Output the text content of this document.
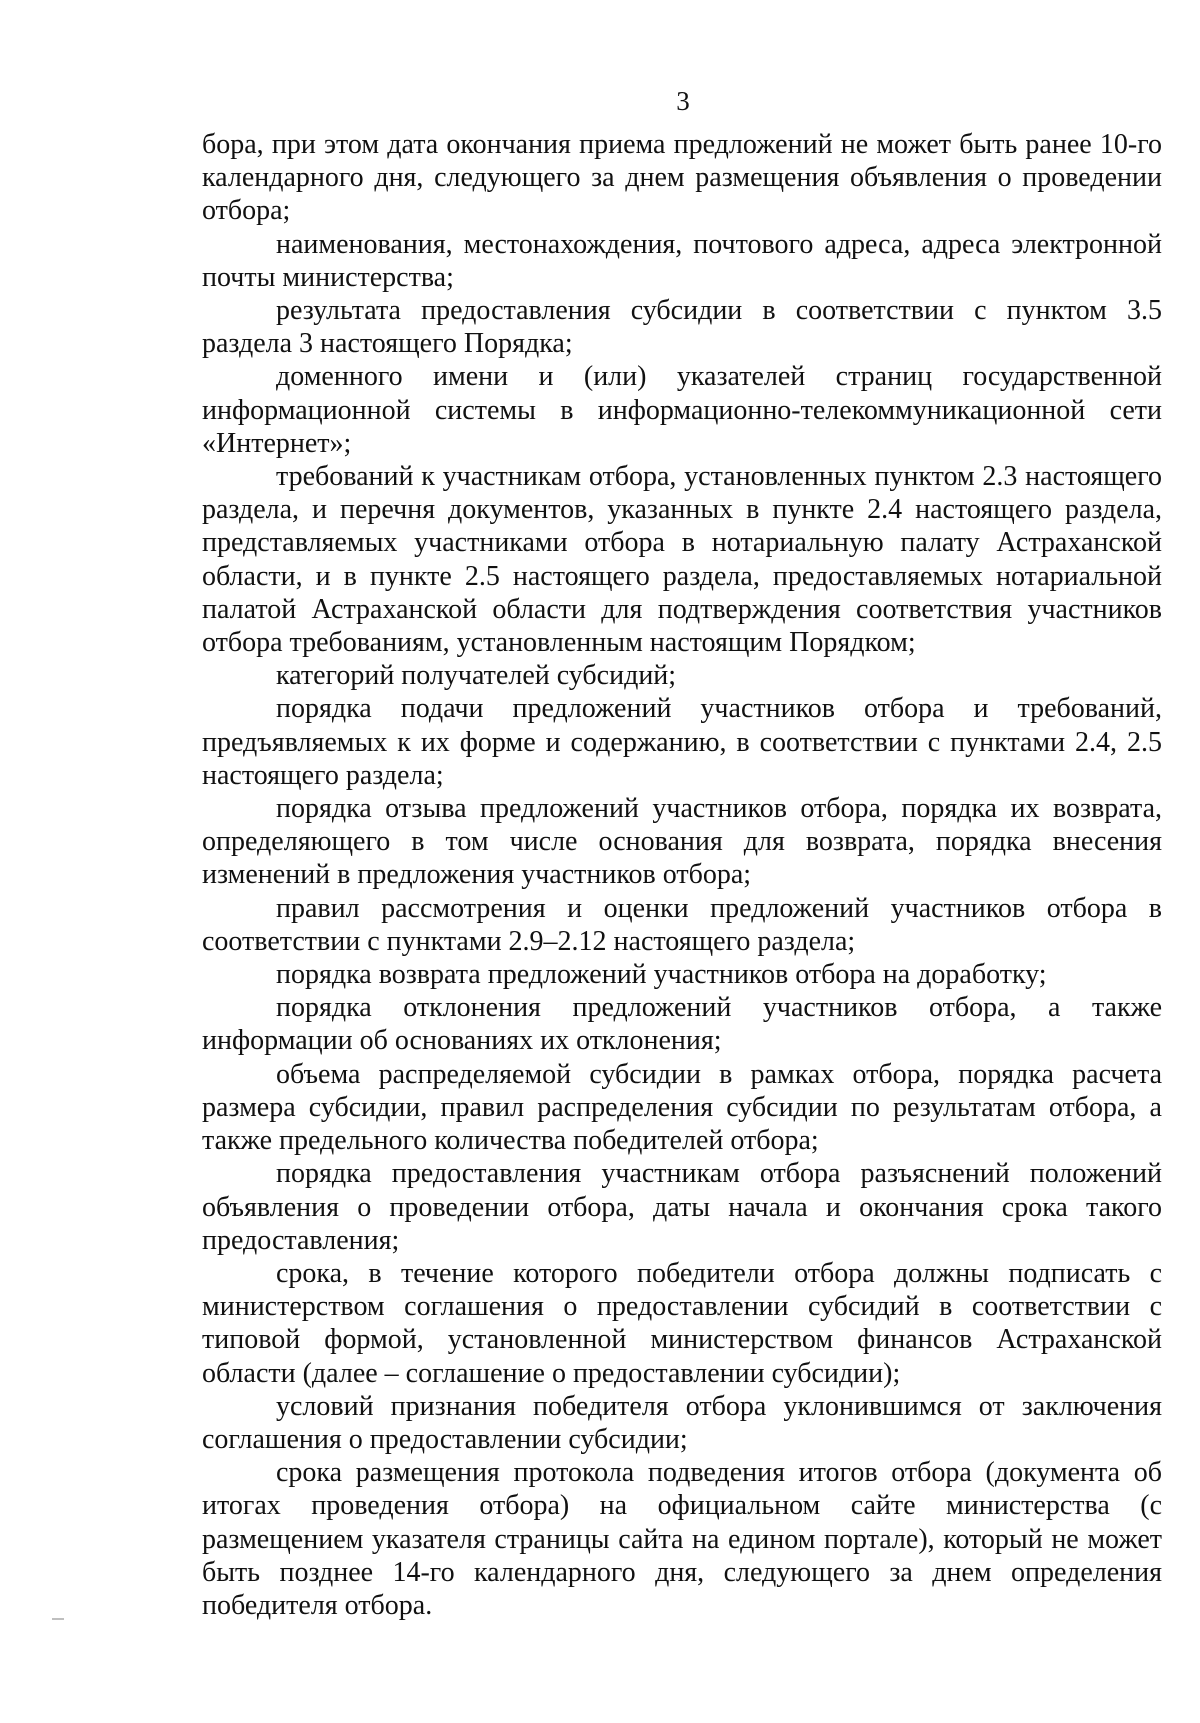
3

бора, при этом дата окончания приема предложений не может быть ранее 10-го календарного дня, следующего за днем размещения объявления о проведении отбора;

наименования, местонахождения, почтового адреса, адреса электронной почты министерства;

результата предоставления субсидии в соответствии с пунктом 3.5 раздела 3 настоящего Порядка;

доменного имени и (или) указателей страниц государственной информационной системы в информационно-телекоммуникационной сети «Интернет»;

требований к участникам отбора, установленных пунктом 2.3 настоящего раздела, и перечня документов, указанных в пункте 2.4 настоящего раздела, представляемых участниками отбора в нотариальную палату Астраханской области, и в пункте 2.5 настоящего раздела, предоставляемых нотариальной палатой Астраханской области для подтверждения соответствия участников отбора требованиям, установленным настоящим Порядком;

категорий получателей субсидий;

порядка подачи предложений участников отбора и требований, предъявляемых к их форме и содержанию, в соответствии с пунктами 2.4, 2.5 настоящего раздела;

порядка отзыва предложений участников отбора, порядка их возврата, определяющего в том числе основания для возврата, порядка внесения изменений в предложения участников отбора;

правил рассмотрения и оценки предложений участников отбора в соответствии с пунктами 2.9–2.12 настоящего раздела;

порядка возврата предложений участников отбора на доработку;

порядка отклонения предложений участников отбора, а также информации об основаниях их отклонения;

объема распределяемой субсидии в рамках отбора, порядка расчета размера субсидии, правил распределения субсидии по результатам отбора, а также предельного количества победителей отбора;

порядка предоставления участникам отбора разъяснений положений объявления о проведении отбора, даты начала и окончания срока такого предоставления;

срока, в течение которого победители отбора должны подписать с министерством соглашения о предоставлении субсидий в соответствии с типовой формой, установленной министерством финансов Астраханской области (далее – соглашение о предоставлении субсидии);

условий признания победителя отбора уклонившимся от заключения соглашения о предоставлении субсидии;

срока размещения протокола подведения итогов отбора (документа об итогах проведения отбора) на официальном сайте министерства (с размещением указателя страницы сайта на едином портале), который не может быть позднее 14-го календарного дня, следующего за днем определения победителя отбора.
